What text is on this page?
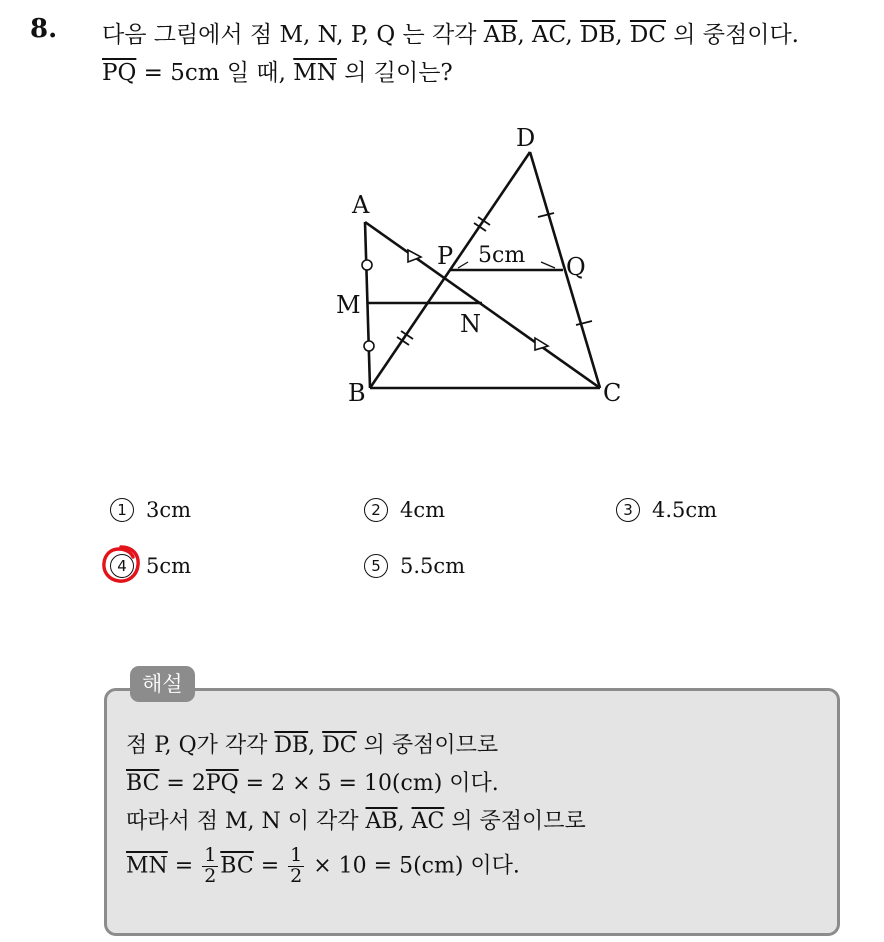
8. 다음 그림에서 점 M, N, P, Q 는 각각 $\overline{AB}$, $\overline{AC}$, $\overline{DB}$, $\overline{DC}$ 의 중점이다.
$\overline{PQ} = 5cm$ 일 때, $\overline{MN}$ 의 길이는?
D
A
P	Q
M
N
B	C
5cm
1 3cm	2 4cm	3 4.5cm
4 5cm	5 5.5cm
해설
점 P, Q가 각각 $\overline{DB}$, $\overline{DC}$ 의 중점이므로
$\overline{BC} = 2\overline{PQ} = 2 \times 5 = 10(cm)$ 이다.
따라서 점 M, N 이 각각 $\overline{AB}$, $\overline{AC}$ 의 중점이므로
$\overline{MN} = \frac{1}{2} \overline{BC} = \frac{1}{2} \times 10 = 5(cm)$ 이다.
